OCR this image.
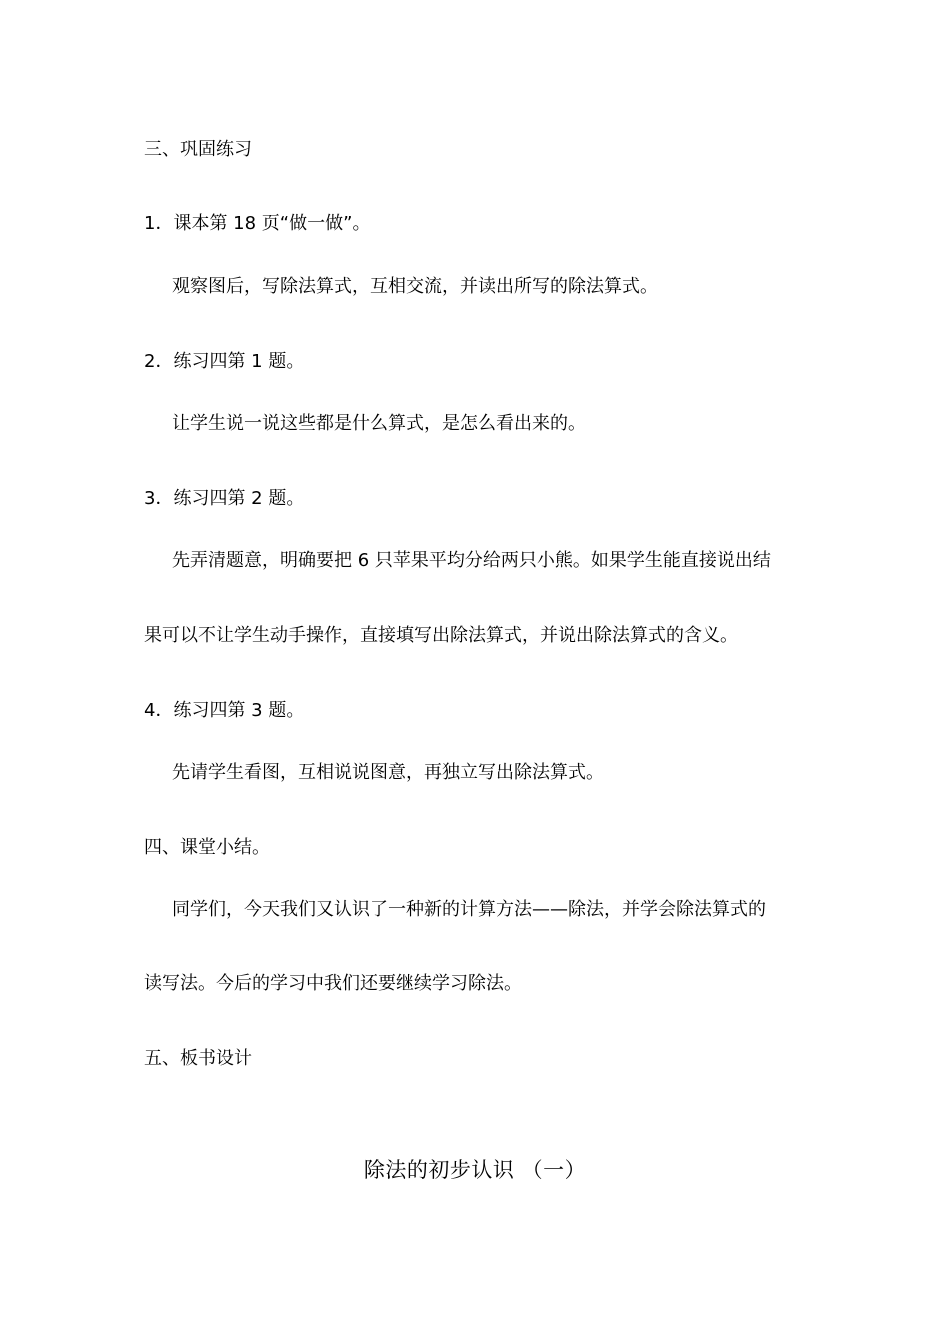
三、巩固练习
1．课本第 18 页“做一做”。
观察图后，写除法算式，互相交流，并读出所写的除法算式。
2．练习四第 1 题。
让学生说一说这些都是什么算式，是怎么看出来的。
3．练习四第 2 题。
先弄清题意，明确要把 6 只苹果平均分给两只小熊。如果学生能直接说出结
果可以不让学生动手操作，直接填写出除法算式，并说出除法算式的含义。
4．练习四第 3 题。
先请学生看图，互相说说图意，再独立写出除法算式。
四、课堂小结。
同学们，今天我们又认识了一种新的计算方法——除法，并学会除法算式的
读写法。今后的学习中我们还要继续学习除法。
五、板书设计
除法的初步认识 （一）
